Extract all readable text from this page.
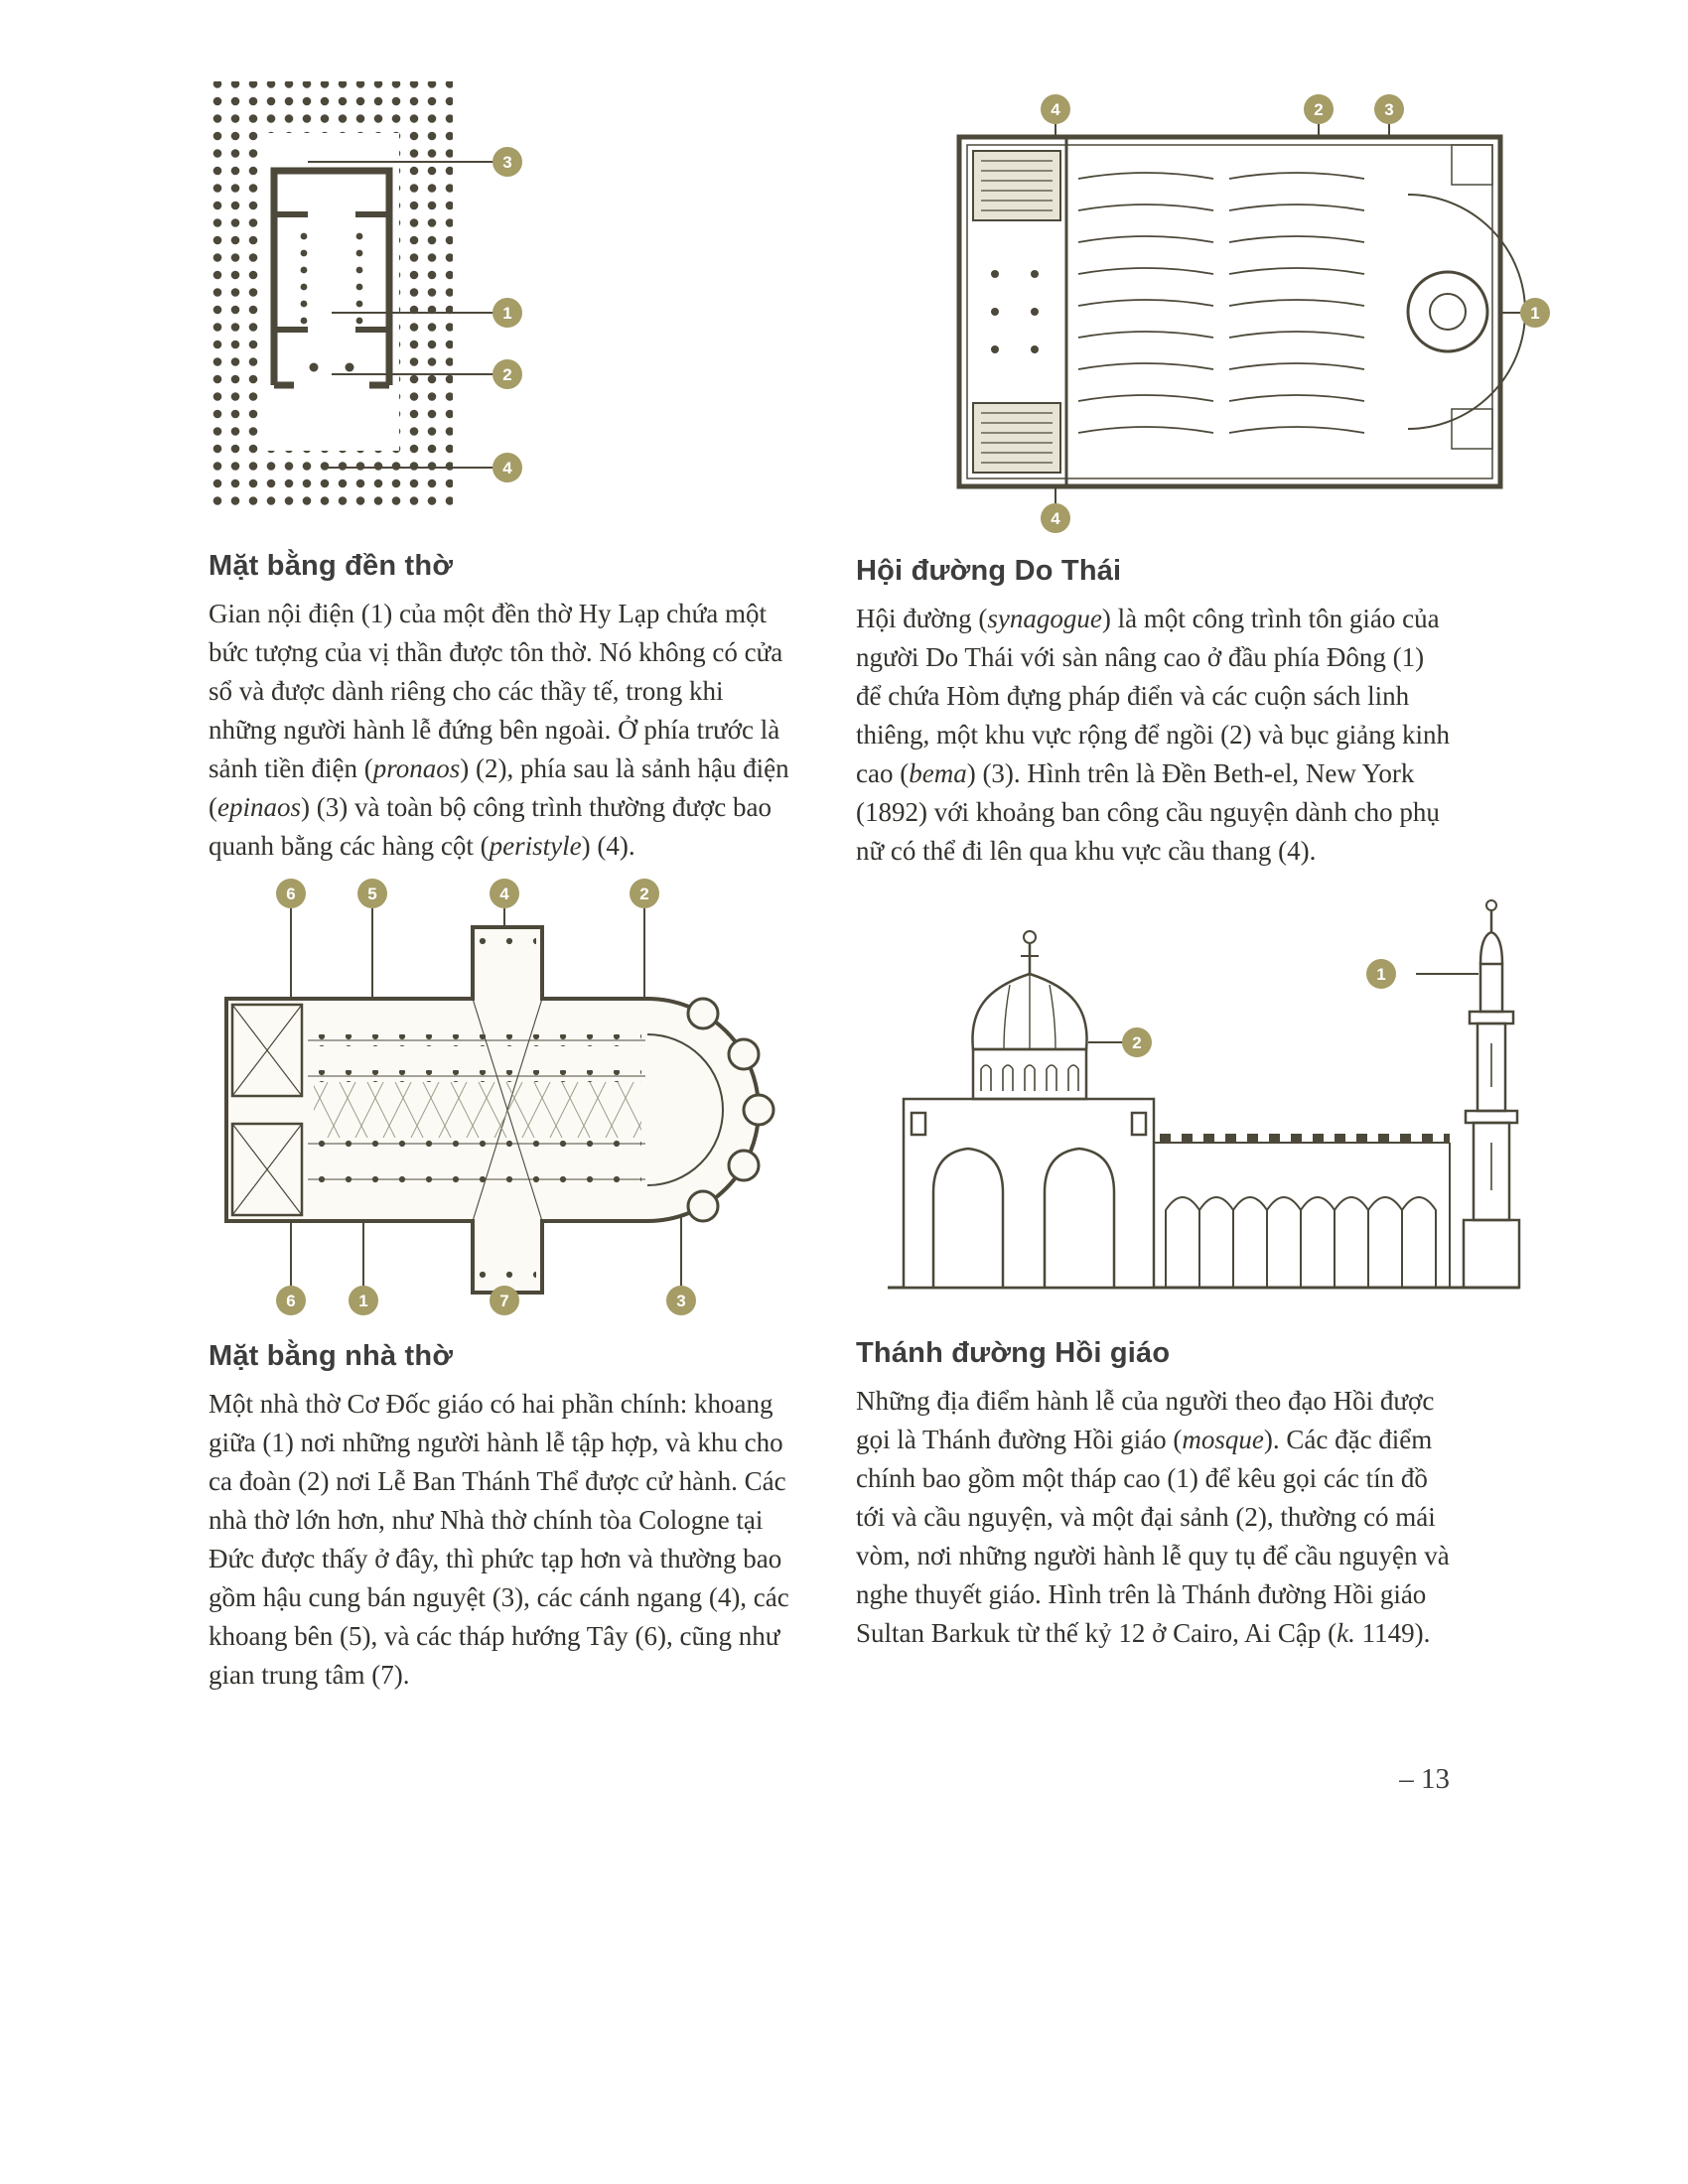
3
1
2
4
Mặt bằng đền thờ

Gian nội điện (1) của một đền thờ Hy Lạp chứa một bức tượng của vị thần được tôn thờ. Nó không có cửa sổ và được dành riêng cho các thầy tế, trong khi những người hành lễ đứng bên ngoài. Ở phía trước là sảnh tiền điện (pronaos) (2), phía sau là sảnh hậu điện (epinaos) (3) và toàn bộ công trình thường được bao quanh bằng các hàng cột (peristyle) (4).

6	5	4	2
6	1	7	3
Mặt bằng nhà thờ

Một nhà thờ Cơ Đốc giáo có hai phần chính: khoang giữa (1) nơi những người hành lễ tập hợp, và khu cho ca đoàn (2) nơi Lễ Ban Thánh Thể được cử hành. Các nhà thờ lớn hơn, như Nhà thờ chính tòa Cologne tại Đức được thấy ở đây, thì phức tạp hơn và thường bao gồm hậu cung bán nguyệt (3), các cánh ngang (4), các khoang bên (5), và các tháp hướng Tây (6), cũng như gian trung tâm (7).

4	2	3
1
4
Hội đường Do Thái

Hội đường (synagogue) là một công trình tôn giáo của người Do Thái với sàn nâng cao ở đầu phía Đông (1) để chứa Hòm đựng pháp điển và các cuộn sách linh thiêng, một khu vực rộng để ngồi (2) và bục giảng kinh cao (bema) (3). Hình trên là Đền Beth-el, New York (1892) với khoảng ban công cầu nguyện dành cho phụ nữ có thể đi lên qua khu vực cầu thang (4).

1
2
Thánh đường Hồi giáo

Những địa điểm hành lễ của người theo đạo Hồi được gọi là Thánh đường Hồi giáo (mosque). Các đặc điểm chính bao gồm một tháp cao (1) để kêu gọi các tín đồ tới và cầu nguyện, và một đại sảnh (2), thường có mái vòm, nơi những người hành lễ quy tụ để cầu nguyện và nghe thuyết giáo. Hình trên là Thánh đường Hồi giáo Sultan Barkuk từ thế kỷ 12 ở Cairo, Ai Cập (k. 1149).

– 13
